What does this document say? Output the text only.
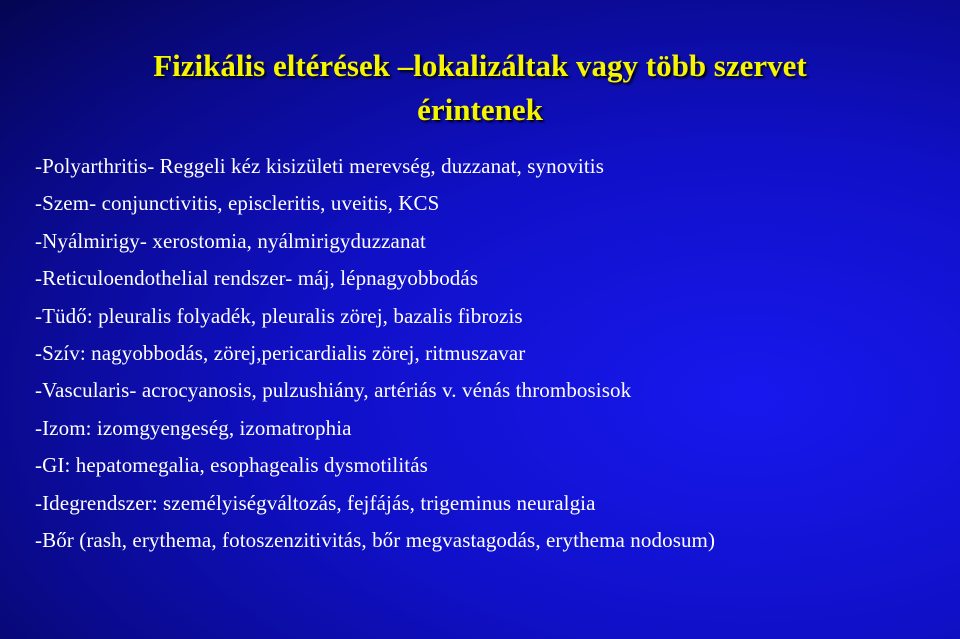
Fizikális eltérések –lokalizáltak vagy több szervet
érintenek
-Polyarthritis- Reggeli kéz kisizületi merevség, duzzanat, synovitis
-Szem- conjunctivitis, episcleritis, uveitis, KCS
-Nyálmirigy- xerostomia, nyálmirigyduzzanat
-Reticuloendothelial rendszer- máj, lépnagyobbodás
-Tüdő: pleuralis folyadék, pleuralis zörej, bazalis fibrozis
-Szív: nagyobbodás, zörej,pericardialis zörej, ritmuszavar
-Vascularis- acrocyanosis, pulzushiány, artériás v. vénás thrombosisok
-Izom: izomgyengeség, izomatrophia
-GI: hepatomegalia, esophagealis dysmotilitás
-Idegrendszer: személyiségváltozás, fejfájás, trigeminus neuralgia
-Bőr (rash, erythema, fotoszenzitivitás, bőr megvastagodás, erythema nodosum)
